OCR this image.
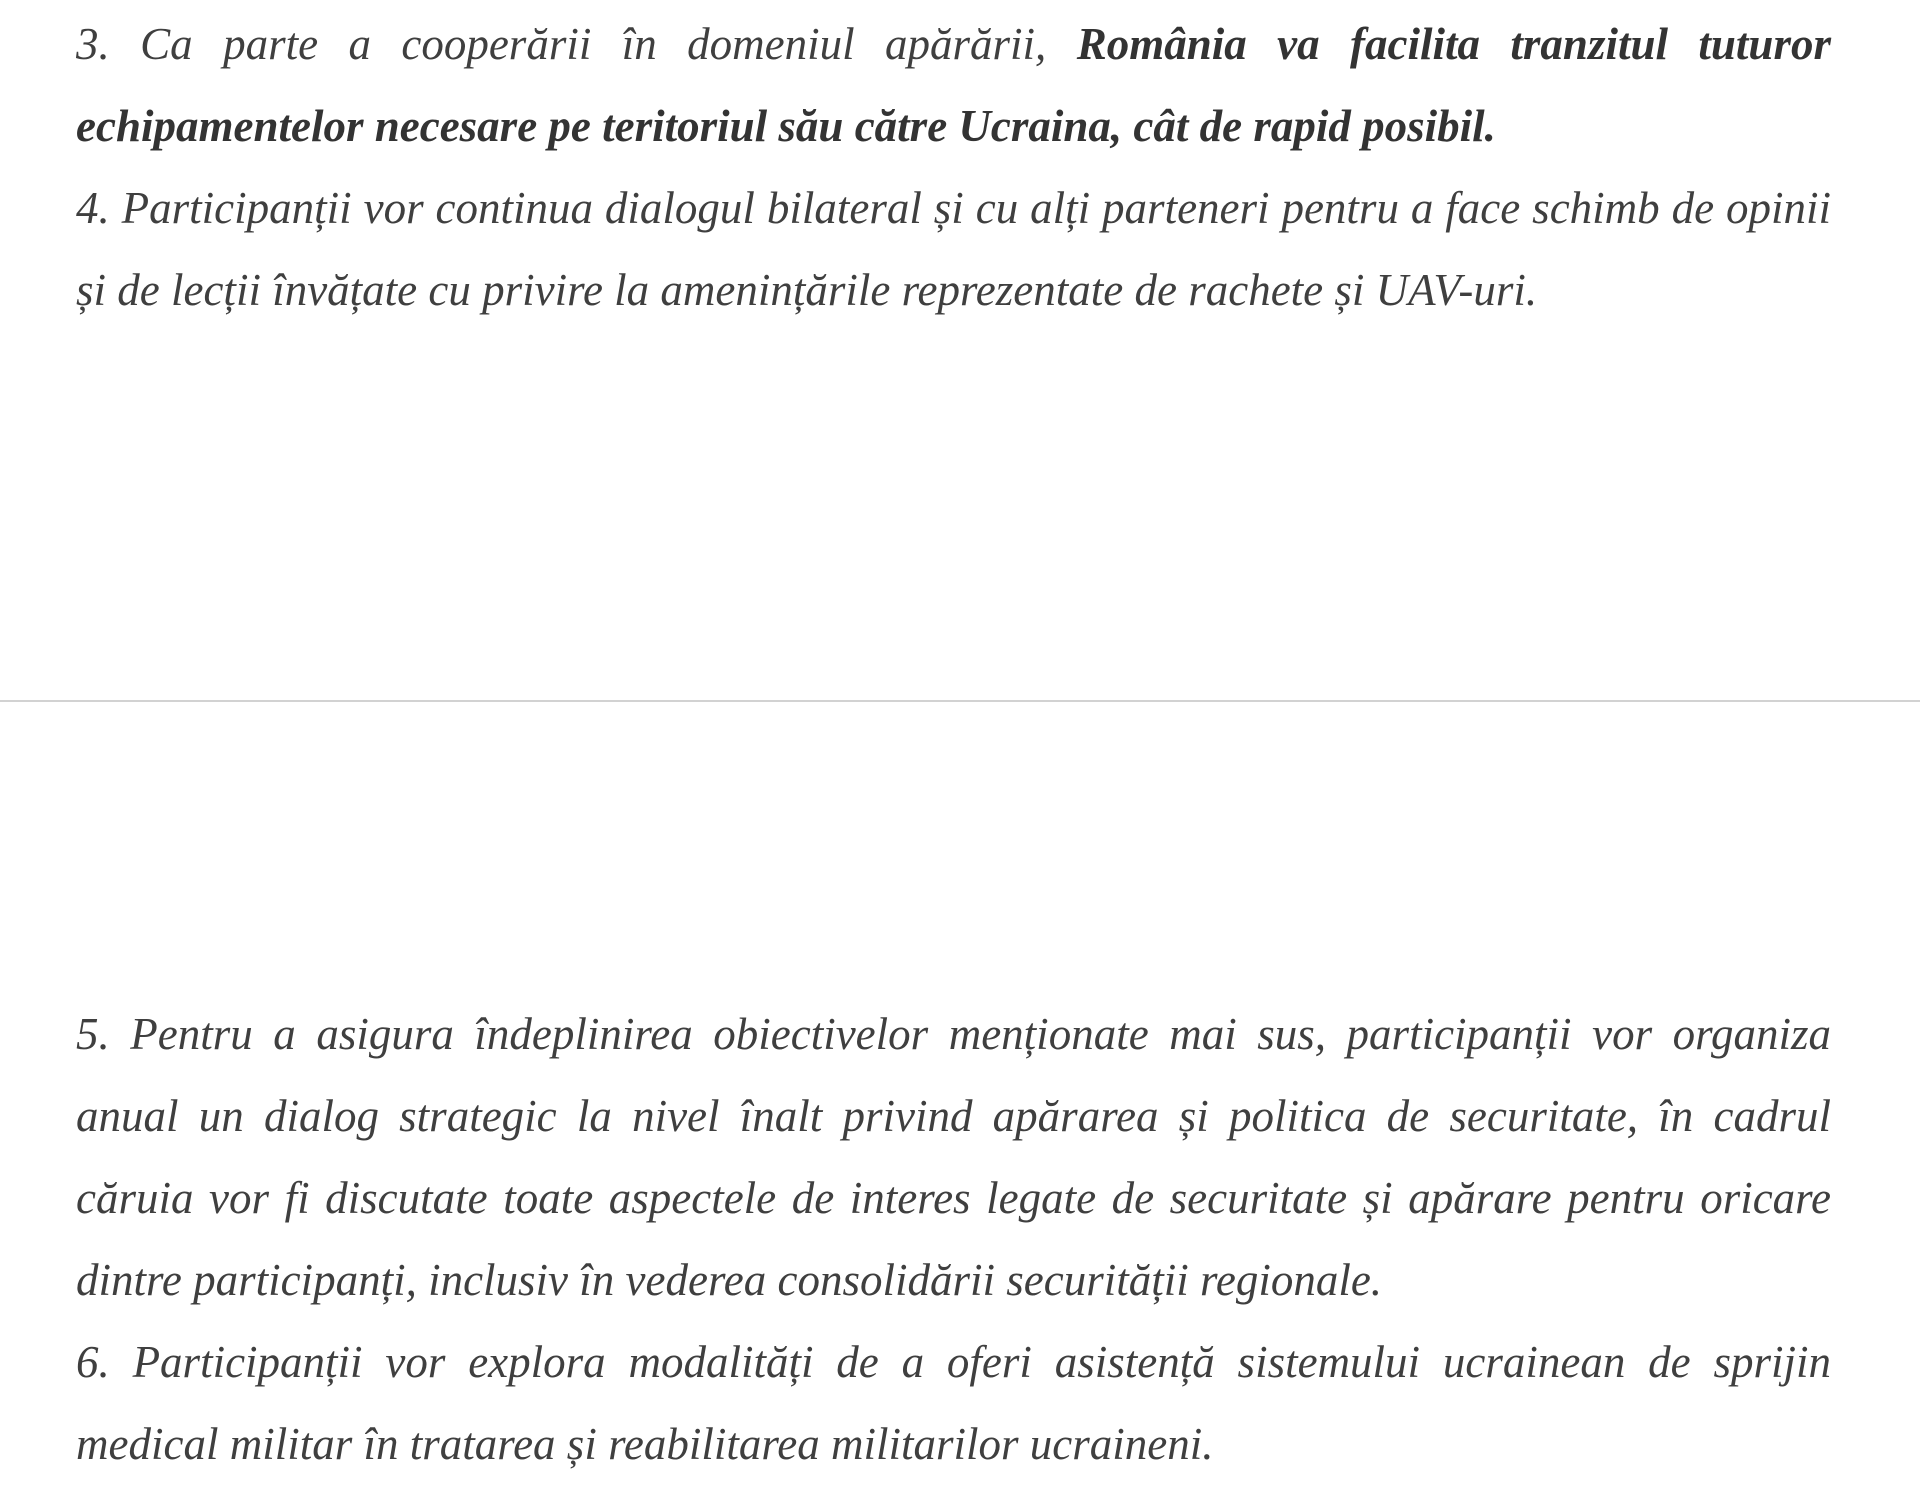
3. Ca parte a cooperării în domeniul apărării, România va facilita tranzitul tuturor echipamentelor necesare pe teritoriul său către Ucraina, cât de rapid posibil.

4. Participanții vor continua dialogul bilateral și cu alți parteneri pentru a face schimb de opinii și de lecții învățate cu privire la amenințările reprezentate de rachete și UAV-uri.

5. Pentru a asigura îndeplinirea obiectivelor menționate mai sus, participanții vor organiza anual un dialog strategic la nivel înalt privind apărarea și politica de securitate, în cadrul căruia vor fi discutate toate aspectele de interes legate de securitate și apărare pentru oricare dintre participanți, inclusiv în vederea consolidării securității regionale.

6. Participanții vor explora modalități de a oferi asistență sistemului ucrainean de sprijin medical militar în tratarea și reabilitarea militarilor ucraineni.
